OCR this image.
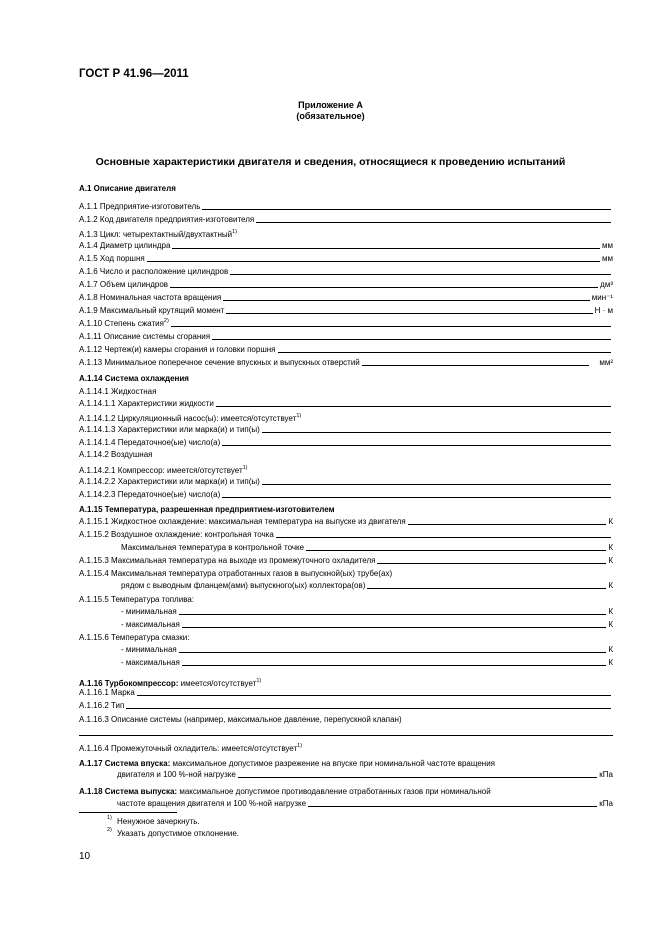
ГОСТ Р 41.96—2011
Приложение А
(обязательное)
Основные характеристики двигателя и сведения, относящиеся к проведению испытаний
А.1 Описание двигателя
А.1.1 Предприятие-изготовитель
А.1.2 Код двигателя предприятия-изготовителя
А.1.3 Цикл: четырехтактный/двухтактный$^{1)}$
А.1.4 Диаметр цилиндра	мм
А.1.5 Ход поршня	мм
А.1.6 Число и расположение цилиндров
А.1.7 Объем цилиндров	дм³
А.1.8 Номинальная частота вращения	мин⁻¹
А.1.9 Максимальный крутящий момент	Н · м
А.1.10 Степень сжатия$^{2)}$
А.1.11 Описание системы сгорания
А.1.12 Чертеж(и) камеры сгорания и головки поршня
А.1.13 Минимальное поперечное сечение впускных и выпускных отверстий	мм²
А.1.14 Система охлаждения
А.1.14.1 Жидкостная
А.1.14.1.1 Характеристики жидкости
А.1.14.1.2 Циркуляционный насос(ы): имеется/отсутствует$^{1)}$
А.1.14.1.3 Характеристики или марка(и) и тип(ы)
А.1.14.1.4 Передаточное(ые) число(а)
А.1.14.2 Воздушная
А.1.14.2.1 Компрессор: имеется/отсутствует$^{1)}$
А.1.14.2.2 Характеристики или марка(и) и тип(ы)
А.1.14.2.3 Передаточное(ые) число(а)
А.1.15 Температура, разрешенная предприятием-изготовителем
А.1.15.1 Жидкостное охлаждение: максимальная температура на выпуске из двигателя	К
А.1.15.2 Воздушное охлаждение: контрольная точка
Максимальная температура в контрольной точке	К
А.1.15.3 Максимальная температура на выходе из промежуточного охладителя	К
А.1.15.4 Максимальная температура отработанных газов в выпускной(ых) трубе(ах)
рядом с выводным фланцем(ами) выпускного(ых) коллектора(ов)	К
А.1.15.5 Температура топлива:
- минимальная	К
- максимальная	К
А.1.15.6 Температура смазки:
- минимальная	К
- максимальная	К
А.1.16 Турбокомпрессор: имеется/отсутствует$^{1)}$
А.1.16.1 Марка
А.1.16.2 Тип
А.1.16.3 Описание системы (например, максимальное давление, перепускной клапан)
А.1.16.4 Промежуточный охладитель: имеется/отсутствует$^{1)}$
А.1.17 Система впуска: максимальное допустимое разрежение на впуске при номинальной частоте вращения
двигателя и 100 %-ной нагрузке	кПа
А.1.18 Система выпуска: максимальное допустимое противодавление отработанных газов при номинальной
частоте вращения двигателя и 100 %-ной нагрузке	кПа
1) Ненужное зачеркнуть.
2) Указать допустимое отклонение.
10
